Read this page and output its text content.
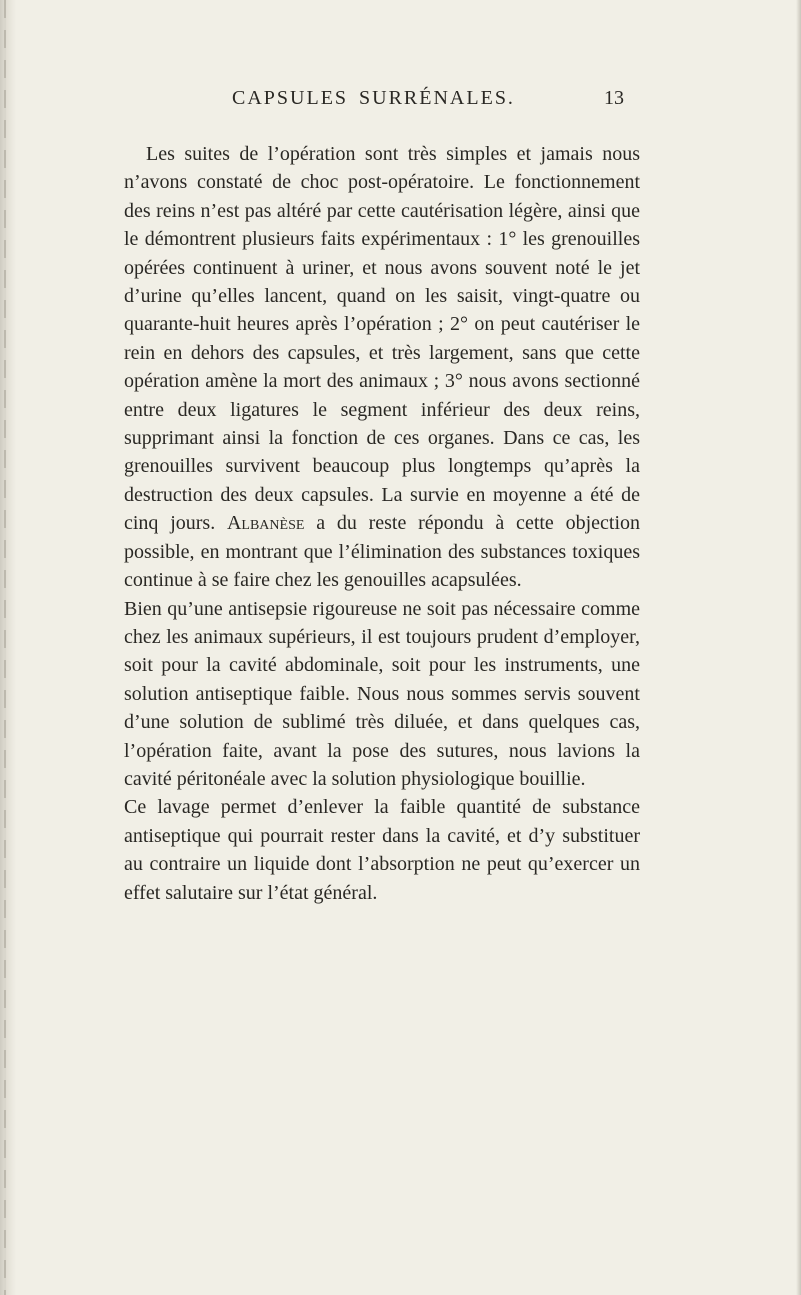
CAPSULES SURRÉNALES.	13

Les suites de l’opération sont très simples et jamais nous n’avons constaté de choc post-opératoire. Le fonctionnement des reins n’est pas altéré par cette cautérisation légère, ainsi que le démontrent plusieurs faits expérimentaux : 1° les grenouilles opérées continuent à uriner, et nous avons souvent noté le jet d’urine qu’elles lancent, quand on les saisit, vingt-quatre ou quarante-huit heures après l’opération ; 2° on peut cautériser le rein en dehors des capsules, et très largement, sans que cette opération amène la mort des animaux ; 3° nous avons sectionné entre deux ligatures le segment inférieur des deux reins, supprimant ainsi la fonction de ces organes. Dans ce cas, les grenouilles survivent beaucoup plus longtemps qu’après la destruction des deux capsules. La survie en moyenne a été de cinq jours. Albanèse a du reste répondu à cette objection possible, en montrant que l’élimination des substances toxiques continue à se faire chez les genouilles acapsulées.

Bien qu’une antisepsie rigoureuse ne soit pas nécessaire comme chez les animaux supérieurs, il est toujours prudent d’employer, soit pour la cavité abdominale, soit pour les instruments, une solution antiseptique faible. Nous nous sommes servis souvent d’une solution de sublimé très diluée, et dans quelques cas, l’opération faite, avant la pose des sutures, nous lavions la cavité péritonéale avec la solution physiologique bouillie.

Ce lavage permet d’enlever la faible quantité de substance antiseptique qui pourrait rester dans la cavité, et d’y substituer au contraire un liquide dont l’absorption ne peut qu’exercer un effet salutaire sur l’état général.
